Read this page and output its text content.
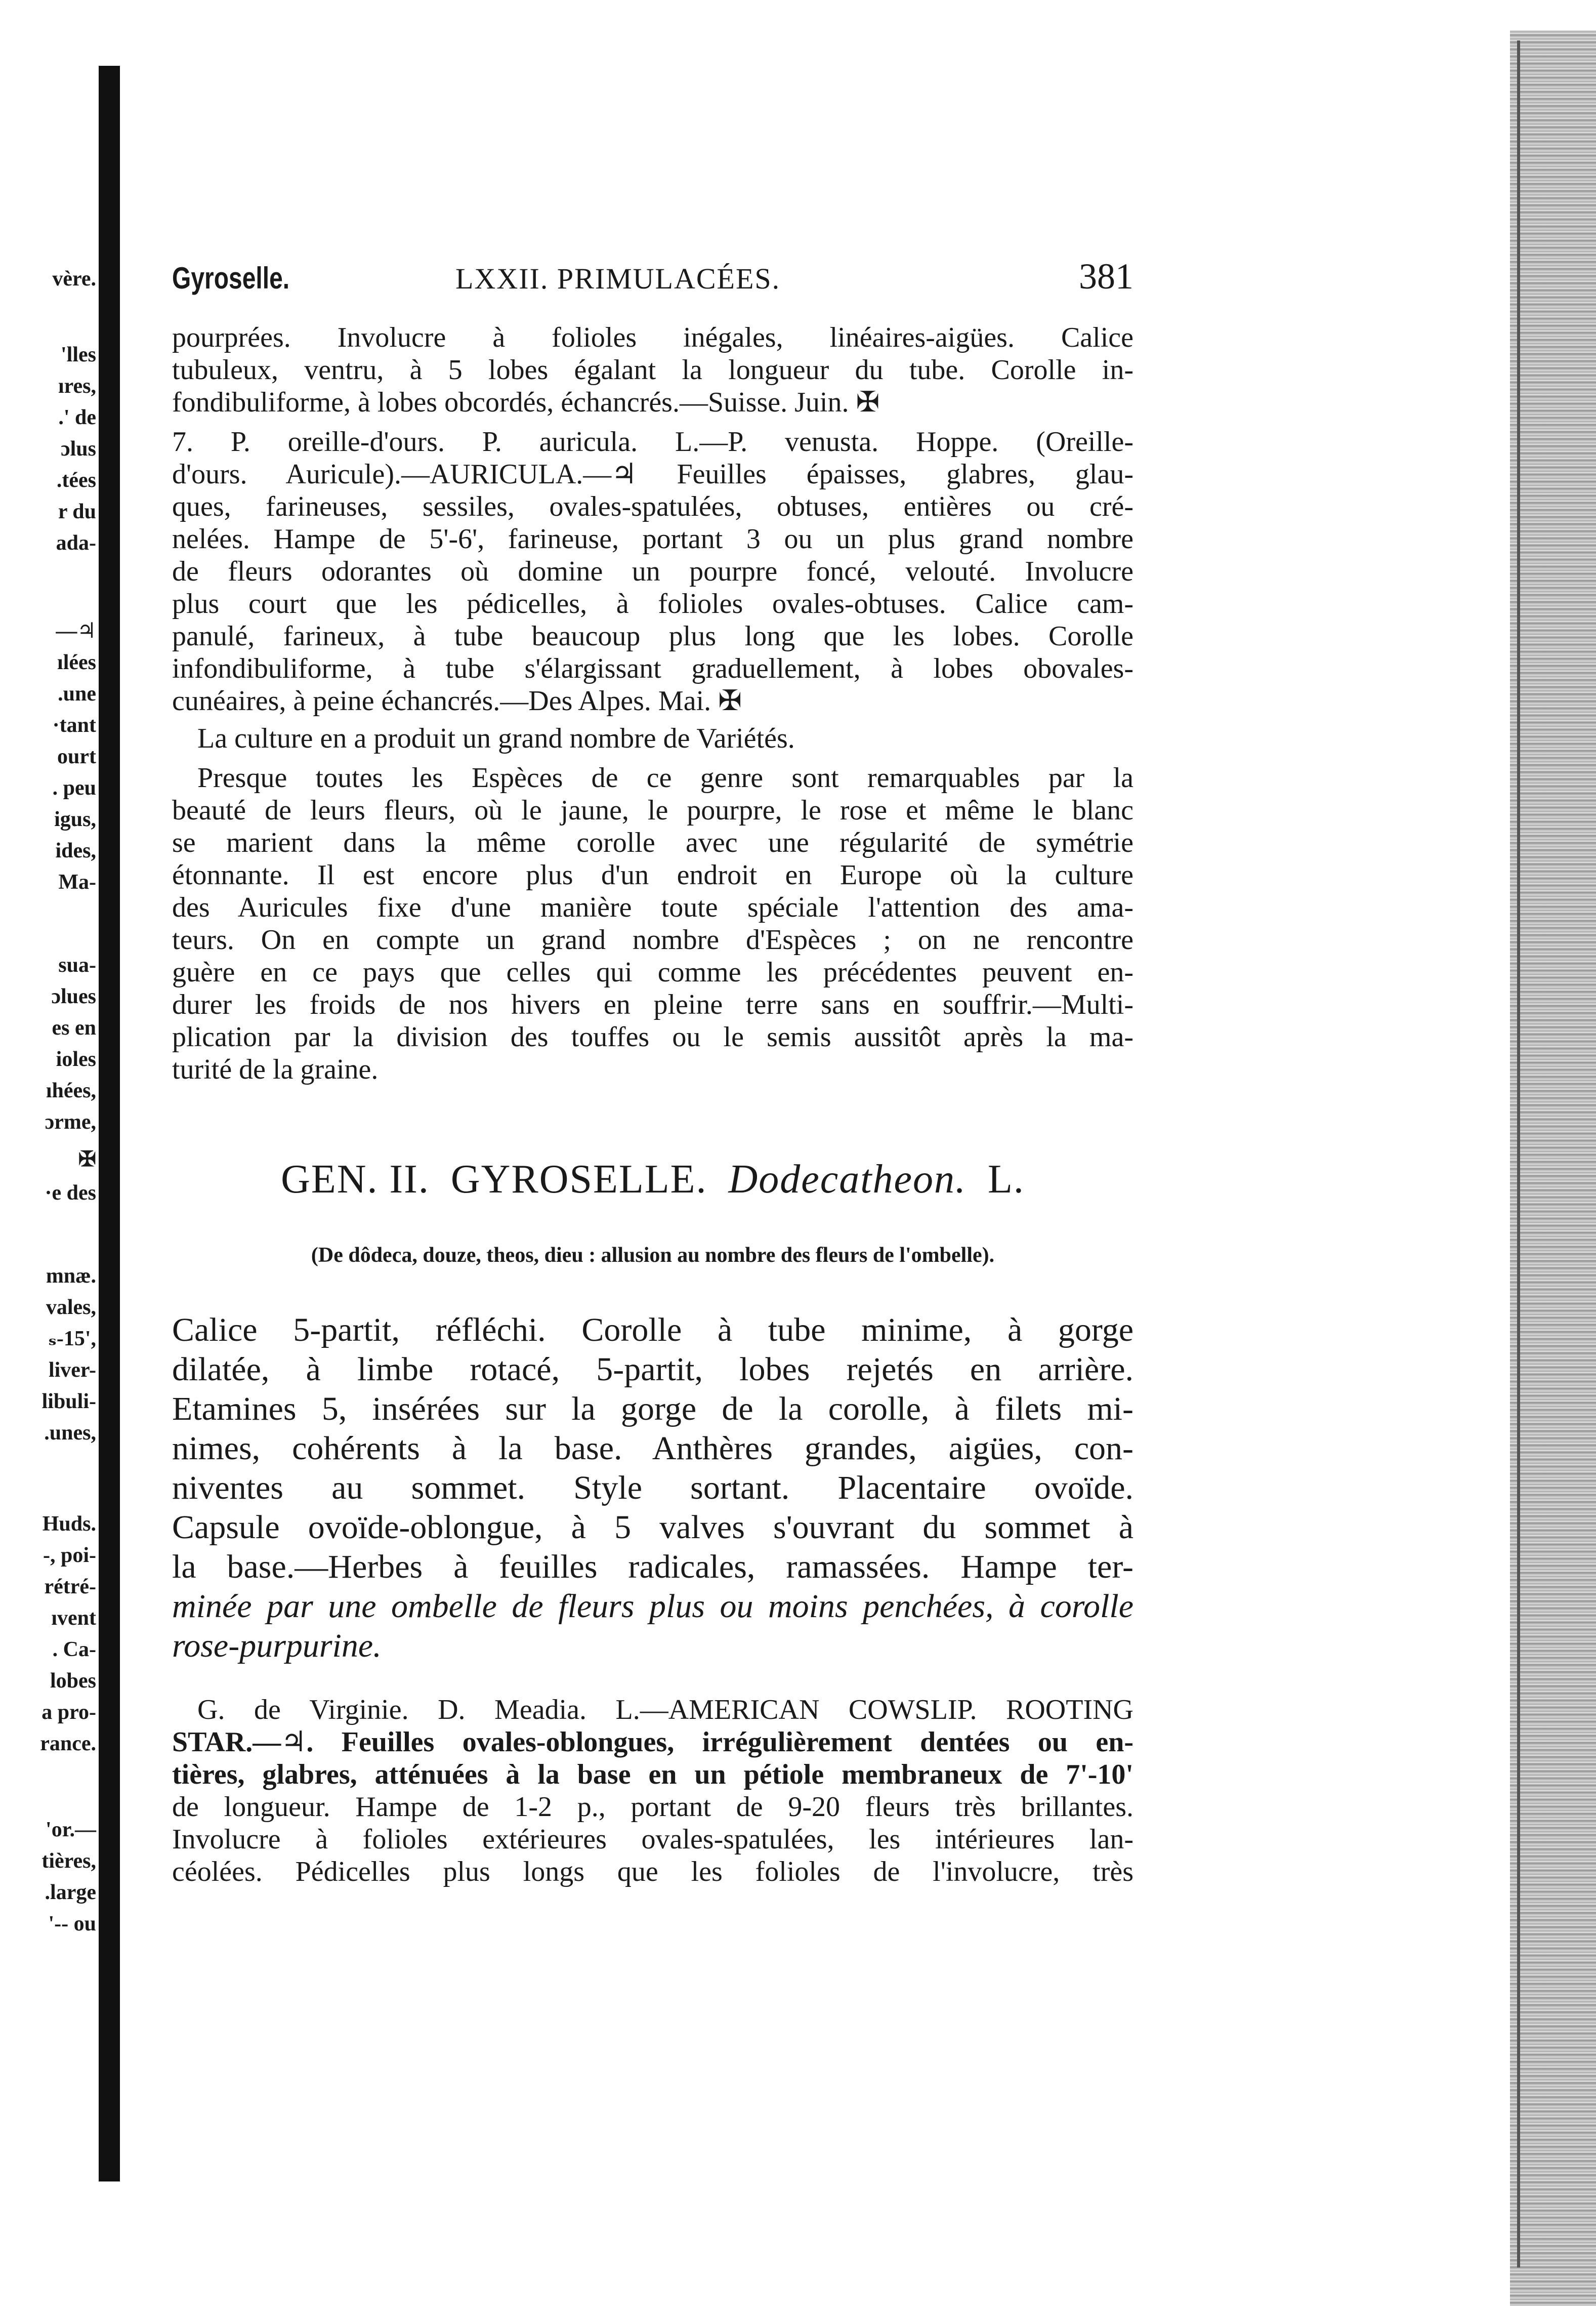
vère.
'lles
ıres,
.' de
ɔlus
.tées
r du
ada-
—♃
ılées
.une
·tant
ourt
. peu
igus,
ides,
Ma-
sua-
ɔlues
es en
ioles
ıhées,
ɔrme,
✠
·e des
mnæ.
vales,
ₛ-15',
liver-
libuli-
.unes,
Huds.
-, poi-
rétré-
ıvent
. Ca-
lobes
a pro-
rance.
'or.—
tières,
.large
'-- ou
Gyroselle.	LXXII. PRIMULACÉES.	381
pourprées. Involucre à folioles inégales, linéaires-aigües. Calice
tubuleux, ventru, à 5 lobes égalant la longueur du tube. Corolle in-
fondibuliforme, à lobes obcordés, échancrés.—Suisse. Juin. ✠
7. P. oreille-d'ours. P. auricula. L.—P. venusta. Hoppe. (Oreille-
d'ours. Auricule).—AURICULA.—♃ Feuilles épaisses, glabres, glau-
ques, farineuses, sessiles, ovales-spatulées, obtuses, entières ou cré-
nelées. Hampe de 5'-6', farineuse, portant 3 ou un plus grand nombre
de fleurs odorantes où domine un pourpre foncé, velouté. Involucre
plus court que les pédicelles, à folioles ovales-obtuses. Calice cam-
panulé, farineux, à tube beaucoup plus long que les lobes. Corolle
infondibuliforme, à tube s'élargissant graduellement, à lobes obovales-
cunéaires, à peine échancrés.—Des Alpes. Mai. ✠
La culture en a produit un grand nombre de Variétés.
Presque toutes les Espèces de ce genre sont remarquables par la
beauté de leurs fleurs, où le jaune, le pourpre, le rose et même le blanc
se marient dans la même corolle avec une régularité de symétrie
étonnante. Il est encore plus d'un endroit en Europe où la culture
des Auricules fixe d'une manière toute spéciale l'attention des ama-
teurs. On en compte un grand nombre d'Espèces ; on ne rencontre
guère en ce pays que celles qui comme les précédentes peuvent en-
durer les froids de nos hivers en pleine terre sans en souffrir.—Multi-
plication par la division des touffes ou le semis aussitôt après la ma-
turité de la graine.
GEN. II. GYROSELLE. Dodecatheon. L.
(De dôdeca, douze, theos, dieu : allusion au nombre des fleurs de l'ombelle).
Calice 5-partit, réfléchi. Corolle à tube minime, à gorge
dilatée, à limbe rotacé, 5-partit, lobes rejetés en arrière.
Etamines 5, insérées sur la gorge de la corolle, à filets mi-
nimes, cohérents à la base. Anthères grandes, aigües, con-
niventes au sommet. Style sortant. Placentaire ovoïde.
Capsule ovoïde-oblongue, à 5 valves s'ouvrant du sommet à
la base.—Herbes à feuilles radicales, ramassées. Hampe ter-
minée par une ombelle de fleurs plus ou moins penchées, à corolle
rose-purpurine.
G. de Virginie. D. Meadia. L.—AMERICAN COWSLIP. ROOTING
STAR.—♃. Feuilles ovales-oblongues, irrégulièrement dentées ou en-
tières, glabres, atténuées à la base en un pétiole membraneux de 7'-10'
de longueur. Hampe de 1-2 p., portant de 9-20 fleurs très brillantes.
Involucre à folioles extérieures ovales-spatulées, les intérieures lan-
céolées. Pédicelles plus longs que les folioles de l'involucre, très
